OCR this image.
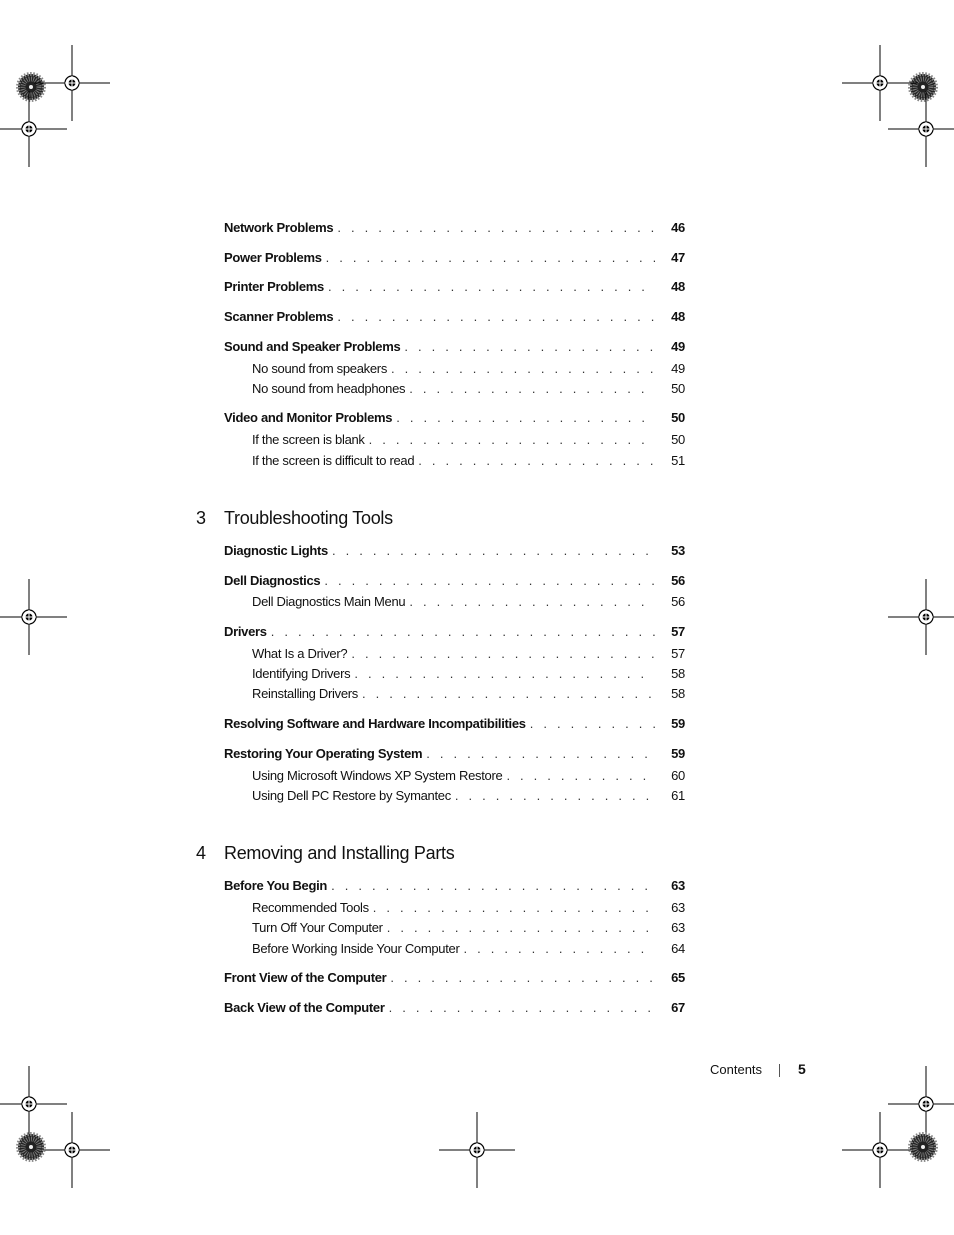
Network Problems . . .	46
Power Problems . . .	47
Printer Problems . . .	48
Scanner Problems . . .	48
Sound and Speaker Problems . . .	49
No sound from speakers . . .	49
No sound from headphones . . .	50
Video and Monitor Problems . . .	50
If the screen is blank . . .	50
If the screen is difficult to read . . .	51
3 Troubleshooting Tools
Diagnostic Lights . . .	53
Dell Diagnostics . . .	56
Dell Diagnostics Main Menu . . .	56
Drivers . . .	57
What Is a Driver? . . .	57
Identifying Drivers . . .	58
Reinstalling Drivers . . .	58
Resolving Software and Hardware Incompatibilities . . .	59
Restoring Your Operating System . . .	59
Using Microsoft Windows XP System Restore . . .	60
Using Dell PC Restore by Symantec . . .	61
4 Removing and Installing Parts
Before You Begin . . .	63
Recommended Tools . . .	63
Turn Off Your Computer . . .	63
Before Working Inside Your Computer . . .	64
Front View of the Computer . . .	65
Back View of the Computer . . .	67
Contents	5
